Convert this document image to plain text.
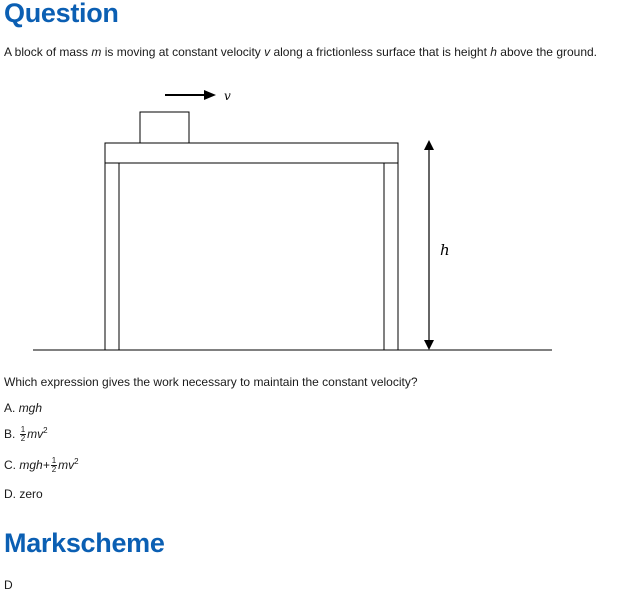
Question
A block of mass m is moving at constant velocity v along a frictionless surface that is height h above the ground.
v
h
Which expression gives the work necessary to maintain the constant velocity?
A. mgh
B. $\frac{1}{2} mv^2$
C. $mgh+ \frac{1}{2} mv^2$
D. zero
Markscheme
D
